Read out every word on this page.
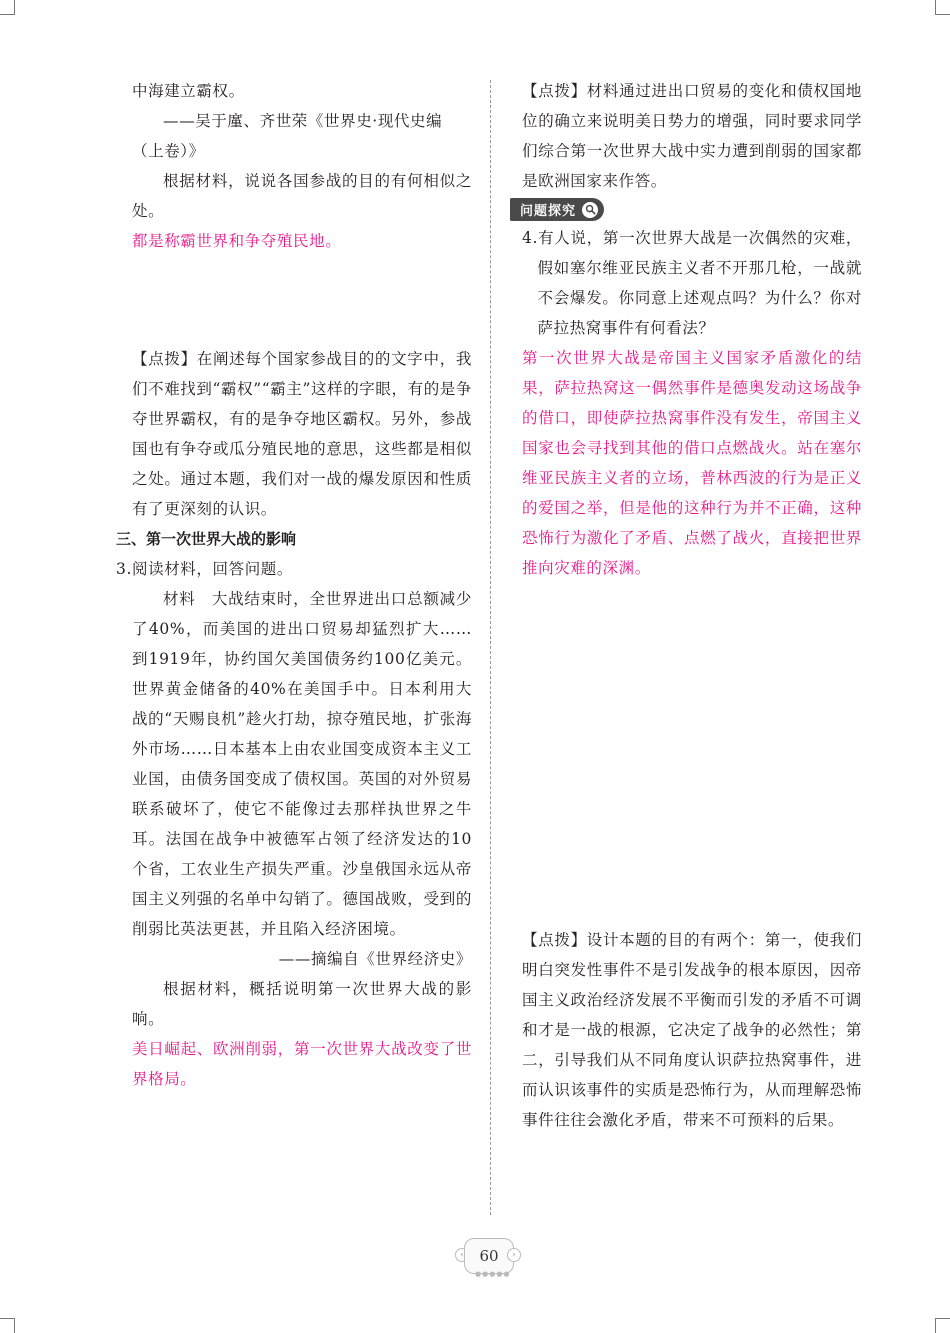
中海建立霸权。

——吴于廑、齐世荣《世界史·现代史编

（上卷）》

根据材料，说说各国参战的目的有何相似之处。

都是称霸世界和争夺殖民地。

【点拨】在阐述每个国家参战目的的文字中，我们不难找到“霸权”“霸主”这样的字眼，有的是争夺世界霸权，有的是争夺地区霸权。另外，参战国也有争夺或瓜分殖民地的意思，这些都是相似之处。通过本题，我们对一战的爆发原因和性质有了更深刻的认识。

三、第一次世界大战的影响

3.阅读材料，回答问题。

材料　大战结束时，全世界进出口总额减少了40%，而美国的进出口贸易却猛烈扩大……到1919年，协约国欠美国债务约100亿美元。世界黄金储备的40%在美国手中。日本利用大战的“天赐良机”趁火打劫，掠夺殖民地，扩张海外市场……日本基本上由农业国变成资本主义工业国，由债务国变成了债权国。英国的对外贸易联系破坏了，使它不能像过去那样执世界之牛耳。法国在战争中被德军占领了经济发达的10个省，工农业生产损失严重。沙皇俄国永远从帝国主义列强的名单中勾销了。德国战败，受到的削弱比英法更甚，并且陷入经济困境。

——摘编自《世界经济史》

根据材料，概括说明第一次世界大战的影响。

美日崛起、欧洲削弱，第一次世界大战改变了世界格局。

【点拨】材料通过进出口贸易的变化和债权国地位的确立来说明美日势力的增强，同时要求同学们综合第一次世界大战中实力遭到削弱的国家都是欧洲国家来作答。

问题探究

4.有人说，第一次世界大战是一次偶然的灾难，假如塞尔维亚民族主义者不开那几枪，一战就不会爆发。你同意上述观点吗？为什么？你对萨拉热窝事件有何看法？

第一次世界大战是帝国主义国家矛盾激化的结果，萨拉热窝这一偶然事件是德奥发动这场战争的借口，即使萨拉热窝事件没有发生，帝国主义国家也会寻找到其他的借口点燃战火。站在塞尔维亚民族主义者的立场，普林西波的行为是正义的爱国之举，但是他的这种行为并不正确，这种恐怖行为激化了矛盾、点燃了战火，直接把世界推向灾难的深渊。

【点拨】设计本题的目的有两个：第一，使我们明白突发性事件不是引发战争的根本原因，因帝国主义政治经济发展不平衡而引发的矛盾不可调和才是一战的根源，它决定了战争的必然性；第二，引导我们从不同角度认识萨拉热窝事件，进而认识该事件的实质是恐怖行为，从而理解恐怖事件往往会激化矛盾，带来不可预料的后果。

‹	60	›
●●●●●
